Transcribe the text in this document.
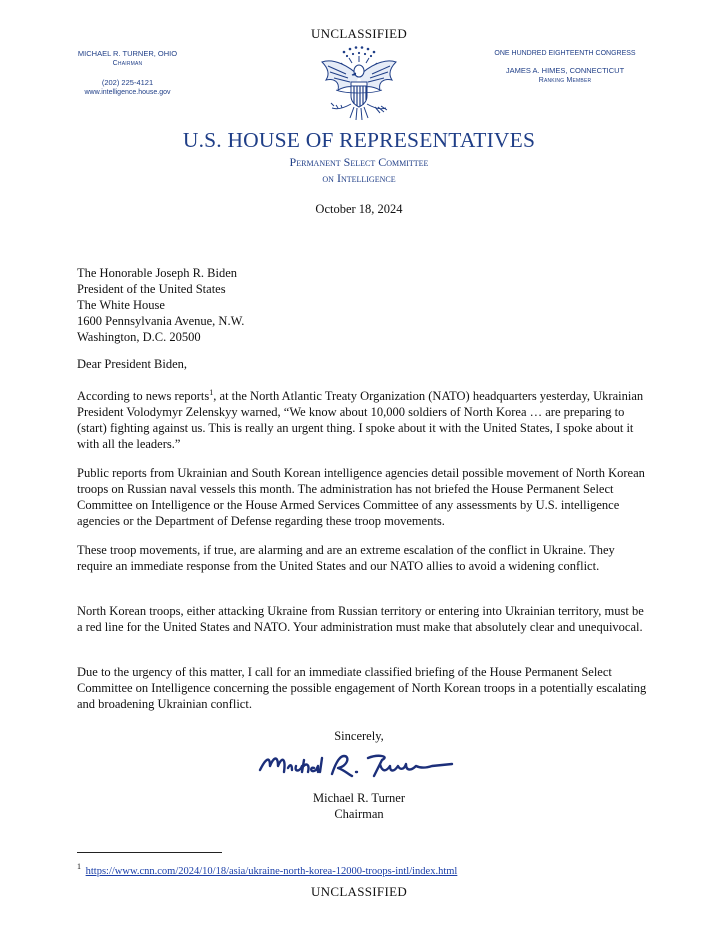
UNCLASSIFIED
MICHAEL R. TURNER, OHIO
Chairman
(202) 225-4121
www.intelligence.house.gov
ONE HUNDRED EIGHTEENTH CONGRESS
JAMES A. HIMES, CONNECTICUT
Ranking Member
U.S. HOUSE OF REPRESENTATIVES
Permanent Select Committee
on Intelligence
October 18, 2024
The Honorable Joseph R. Biden
President of the United States
The White House
1600 Pennsylvania Avenue, N.W.
Washington, D.C. 20500
Dear President Biden,
According to news reports$^1$, at the North Atlantic Treaty Organization (NATO) headquarters yesterday, Ukrainian President Volodymyr Zelenskyy warned, “We know about 10,000 soldiers of North Korea … are preparing to (start) fighting against us. This is really an urgent thing. I spoke about it with the United States, I spoke about it with all the leaders.”
Public reports from Ukrainian and South Korean intelligence agencies detail possible movement of North Korean troops on Russian naval vessels this month. The administration has not briefed the House Permanent Select Committee on Intelligence or the House Armed Services Committee of any assessments by U.S. intelligence agencies or the Department of Defense regarding these troop movements.
These troop movements, if true, are alarming and are an extreme escalation of the conflict in Ukraine. They require an immediate response from the United States and our NATO allies to avoid a widening conflict.
North Korean troops, either attacking Ukraine from Russian territory or entering into Ukrainian territory, must be a red line for the United States and NATO. Your administration must make that absolutely clear and unequivocal.
Due to the urgency of this matter, I call for an immediate classified briefing of the House Permanent Select Committee on Intelligence concerning the possible engagement of North Korean troops in a potentially escalating and broadening Ukrainian conflict.
Sincerely,
Michael R. Turner
Chairman
$^1$ https://www.cnn.com/2024/10/18/asia/ukraine-north-korea-12000-troops-intl/index.html
UNCLASSIFIED
